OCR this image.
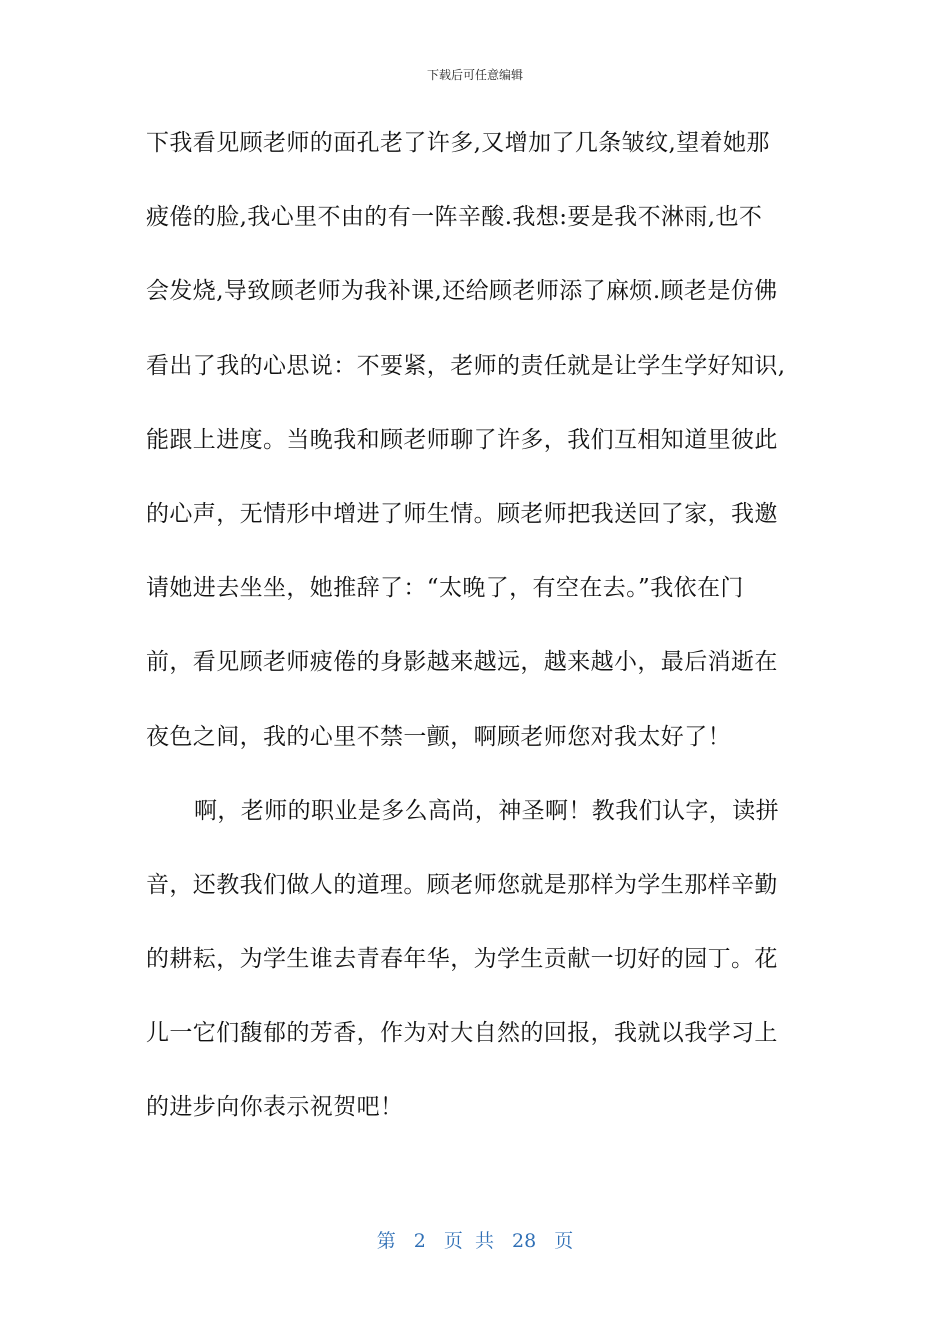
下载后可任意编辑
下我看见顾老师的面孔老了许多,又增加了几条皱纹,望着她那
疲倦的脸,我心里不由的有一阵辛酸.我想:要是我不淋雨,也不
会发烧,导致顾老师为我补课,还给顾老师添了麻烦.顾老是仿佛
看出了我的心思说：不要紧，老师的责任就是让学生学好知识,
能跟上进度。当晚我和顾老师聊了许多，我们互相知道里彼此
的心声，无情形中增进了师生情。顾老师把我送回了家，我邀
请她进去坐坐，她推辞了：“太晚了，有空在去。”我依在门
前，看见顾老师疲倦的身影越来越远，越来越小，最后消逝在
夜色之间，我的心里不禁一颤，啊顾老师您对我太好了！
啊，老师的职业是多么高尚，神圣啊！教我们认字，读拼
音，还教我们做人的道理。顾老师您就是那样为学生那样辛勤
的耕耘，为学生谁去青春年华，为学生贡献一切好的园丁。花
儿一它们馥郁的芳香，作为对大自然的回报，我就以我学习上
的进步向你表示祝贺吧！
第 2 页 共 28 页
